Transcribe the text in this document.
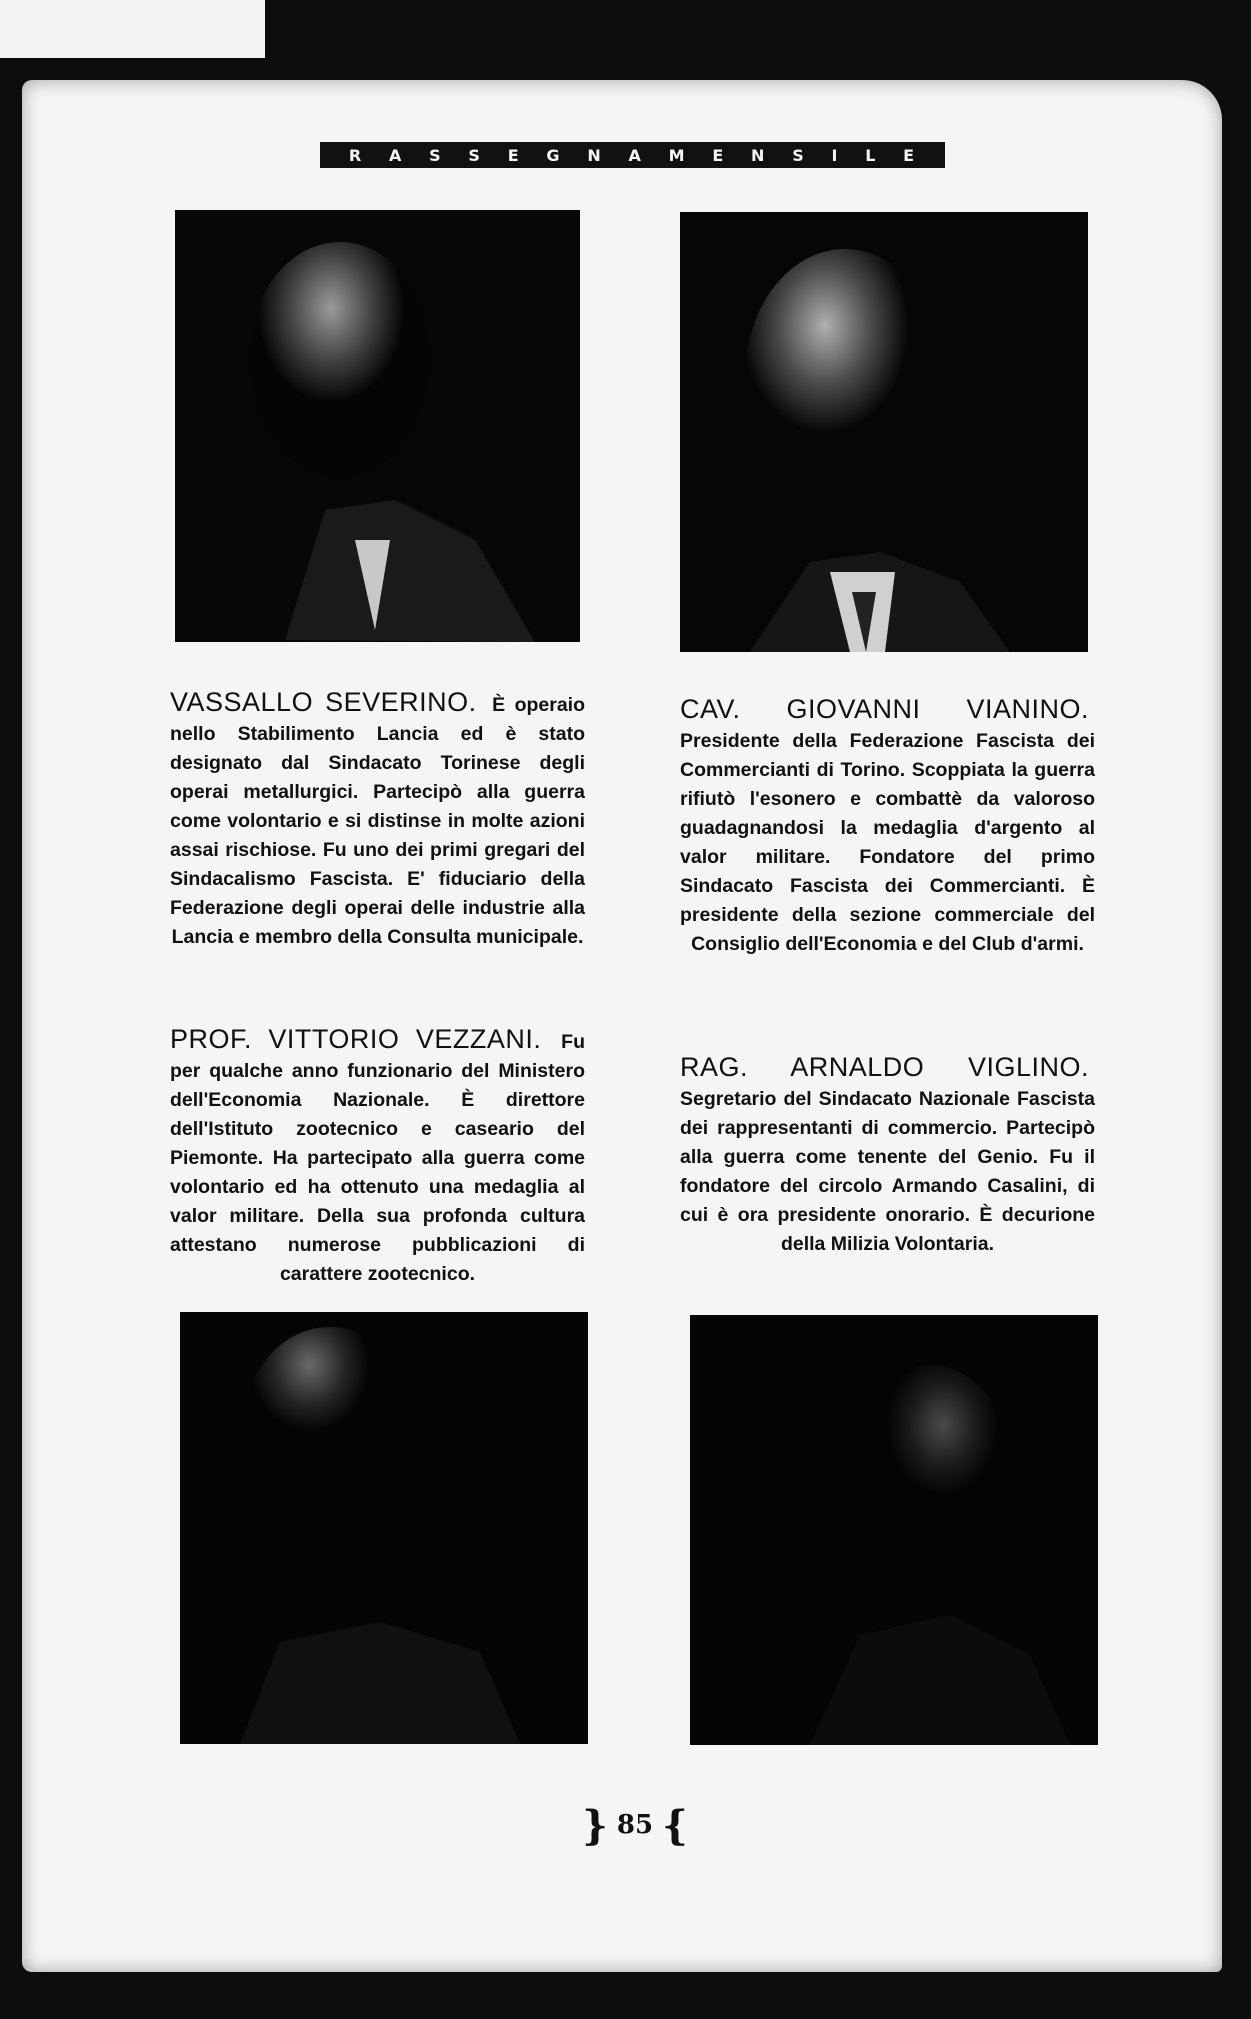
R A S S E G N A M E N S I L E
VASSALLO SEVERINO. È operaio nello Stabilimento Lancia ed è stato designato dal Sindacato Torinese degli operai metallurgici. Partecipò alla guerra come volontario e si distinse in molte azioni assai rischiose. Fu uno dei primi gregari del Sindacalismo Fascista. E' fiduciario della Federazione degli operai delle industrie alla Lancia e membro della Consulta municipale.
CAV. GIOVANNI VIANINO. Presidente della Federazione Fascista dei Commercianti di Torino. Scoppiata la guerra rifiutò l'esonero e combattè da valoroso guadagnandosi la medaglia d'argento al valor militare. Fondatore del primo Sindacato Fascista dei Commercianti. È presidente della sezione commerciale del Consiglio dell'Economia e del Club d'armi.
PROF. VITTORIO VEZZANI. Fu per qualche anno funzionario del Ministero dell'Economia Nazionale. È direttore dell'Istituto zootecnico e caseario del Piemonte. Ha partecipato alla guerra come volontario ed ha ottenuto una medaglia al valor militare. Della sua profonda cultura attestano numerose pubblicazioni di carattere zootecnico.
RAG. ARNALDO VIGLINO. Segretario del Sindacato Nazionale Fascista dei rappresentanti di commercio. Partecipò alla guerra come tenente del Genio. Fu il fondatore del circolo Armando Casalini, di cui è ora presidente onorario. È decurione della Milizia Volontaria.
} 85 {
